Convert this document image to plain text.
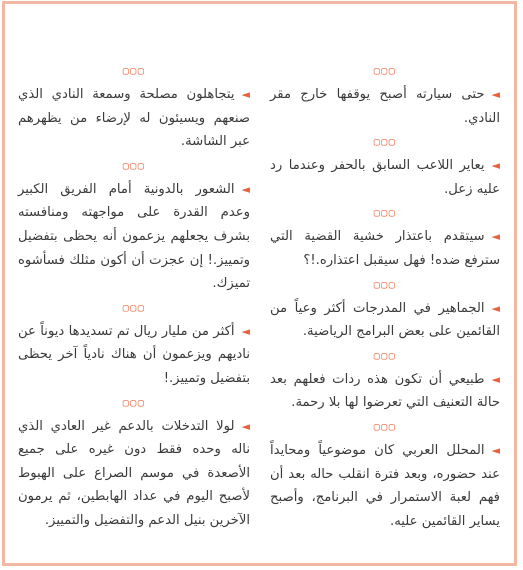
▢▢▢

◄حتى سيارته أصبح يوقفها خارج مقر النادي.

▢▢▢

◄يعاير اللاعب السابق بالحفر وعندما رد عليه زعل.

▢▢▢

◄سيتقدم باعتذار خشية القضية التي سترفع ضده! فهل سيقبل اعتذاره.!؟

▢▢▢

◄الجماهير في المدرجات أكثر وعياً من القائمين على بعض البرامج الرياضية.

▢▢▢

◄طبيعي أن تكون هذه ردات فعلهم بعد حالة التعنيف التي تعرضوا لها بلا رحمة.

▢▢▢

◄المحلل العربي كان موضوعياً ومحايداً عند حضوره، وبعد فترة انقلب حاله بعد أن فهم لعبة الاستمرار في البرنامج، وأصبح يساير القائمين عليه.

▢▢▢

◄يتجاهلون مصلحة وسمعة النادي الذي صنعهم ويسيئون له لإرضاء من يظهرهم عبر الشاشة.

▢▢▢

◄الشعور بالدونية أمام الفريق الكبير وعدم القدرة على مواجهته ومنافسته بشرف يجعلهم يزعمون أنه يحظى بتفضيل وتمييز.! إن عجزت أن أكون مثلك فسأشوه تميزك.

▢▢▢

◄أكثر من مليار ريال تم تسديدها ديوناً عن ناديهم ويزعمون أن هناك نادياً آخر يحظى بتفضيل وتمييز.!

▢▢▢

◄لولا التدخلات بالدعم غير العادي الذي ناله وحده فقط دون غيره على جميع الأصعدة في موسم الصراع على الهبوط لأصبح اليوم في عداد الهابطين، ثم يرمون الآخرين بنيل الدعم والتفضيل والتمييز.
